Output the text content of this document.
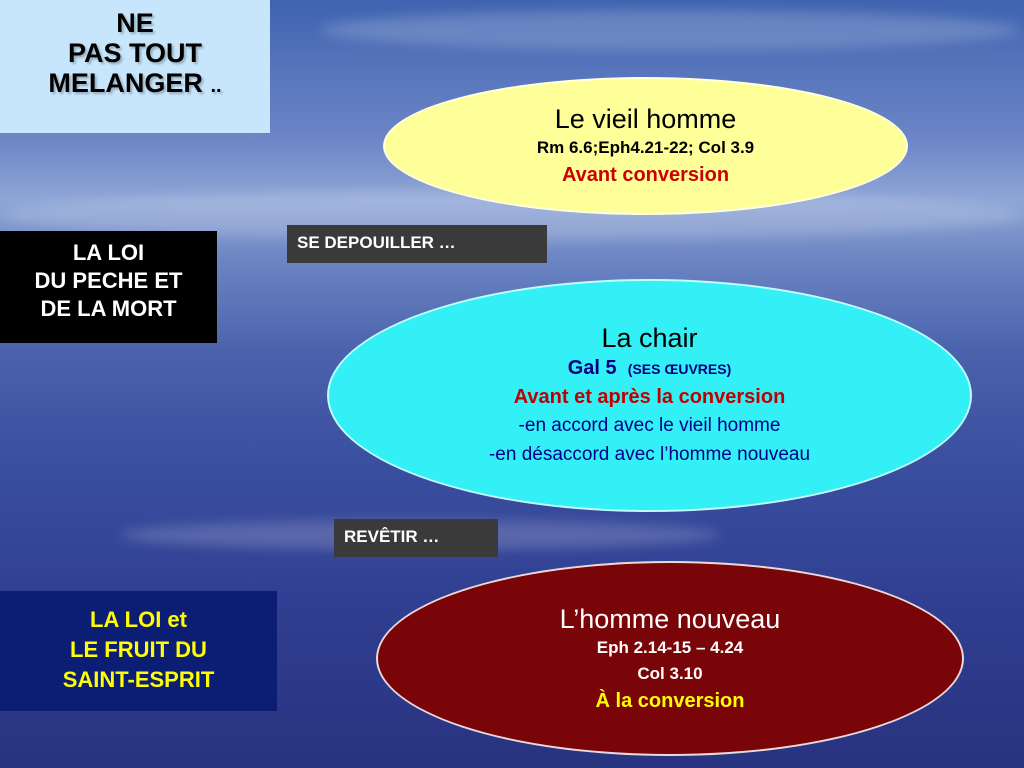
NE
PAS TOUT
MELANGER ..
LA LOI
DU PECHE ET
DE LA MORT
LA LOI et
LE FRUIT DU
SAINT-ESPRIT
SE DEPOUILLER …
REVÊTIR …
Le vieil homme
Rm 6.6;Eph4.21-22; Col 3.9
Avant conversion
La chair
Gal 5 (SES ŒUVRES)
Avant et après la conversion
-en accord avec le vieil homme
-en désaccord avec l’homme nouveau
L’homme nouveau
Eph 2.14-15 – 4.24
Col 3.10
À la conversion
